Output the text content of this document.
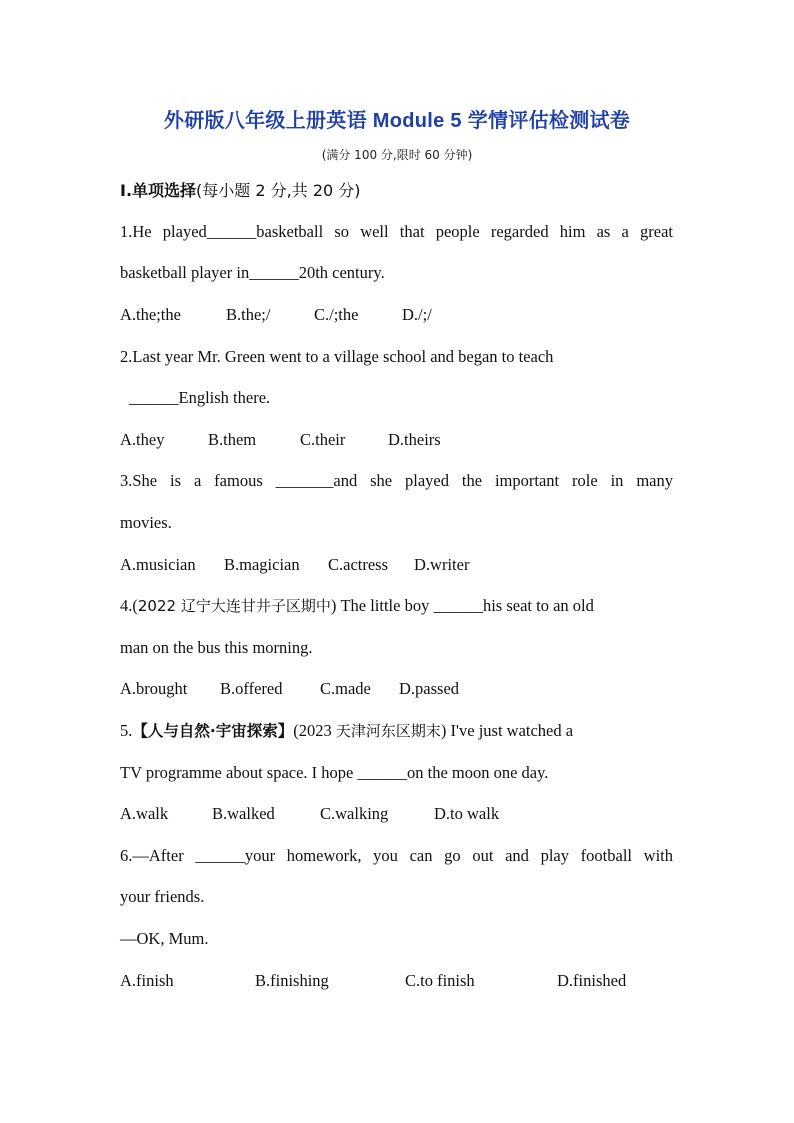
外研版八年级上册英语 Module 5 学情评估检测试卷
(满分 100 分,限时 60 分钟)
Ⅰ.单项选择(每小题 2 分,共 20 分)
1.He played______basketball so well that people regarded him as a great
basketball player in______20th century.
A.the;the	B.the;/	C./;the	D./;/
2.Last year Mr. Green went to a village school and began to teach
______English there.
A.they	B.them	C.their	D.theirs
3.She is a famous _______and she played the important role in many
movies.
A.musician	B.magician	C.actress	D.writer
4.(2022 辽宁大连甘井子区期中) The little boy ______his seat to an old
man on the bus this morning.
A.brought	B.offered	C.made	D.passed
5.【人与自然·宇宙探索】(2023 天津河东区期末) I've just watched a
TV programme about space. I hope ______on the moon one day.
A.walk	B.walked	C.walking	D.to walk
6.—After ______your homework, you can go out and play football with
your friends.
—OK, Mum.
A.finish	B.finishing	C.to finish	D.finished
